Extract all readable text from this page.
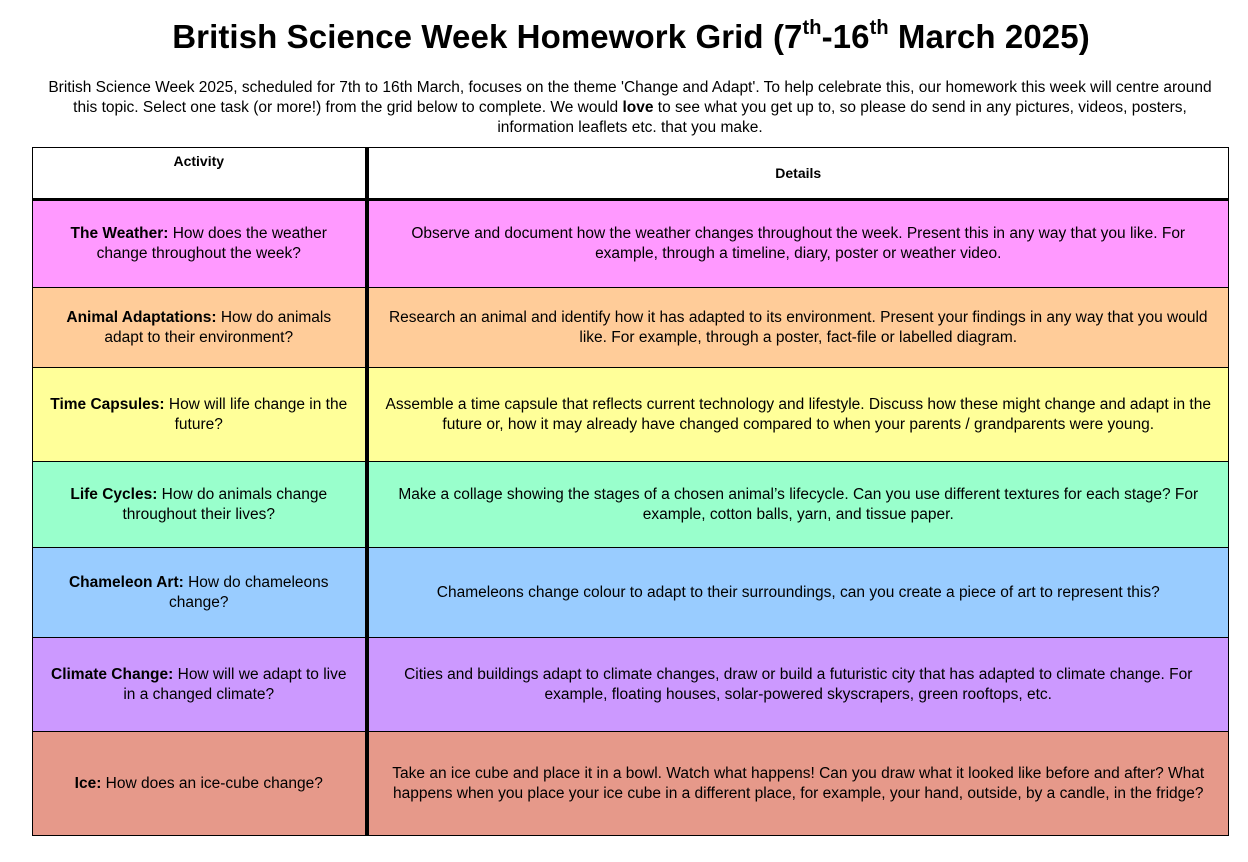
British Science Week Homework Grid (7th-16th March 2025)
British Science Week 2025, scheduled for 7th to 16th March, focuses on the theme 'Change and Adapt'. To help celebrate this, our homework this week will centre around this topic. Select one task (or more!) from the grid below to complete. We would love to see what you get up to, so please do send in any pictures, videos, posters, information leaflets etc. that you make.
Activity	Details
The Weather: How does the weather change throughout the week?	Observe and document how the weather changes throughout the week. Present this in any way that you like. For example, through a timeline, diary, poster or weather video.
Animal Adaptations: How do animals adapt to their environment?	Research an animal and identify how it has adapted to its environment. Present your findings in any way that you would like. For example, through a poster, fact-file or labelled diagram.
Time Capsules: How will life change in the future?	Assemble a time capsule that reflects current technology and lifestyle. Discuss how these might change and adapt in the future or, how it may already have changed compared to when your parents / grandparents were young.
Life Cycles: How do animals change throughout their lives?	Make a collage showing the stages of a chosen animal’s lifecycle. Can you use different textures for each stage? For example, cotton balls, yarn, and tissue paper.
Chameleon Art: How do chameleons change?	Chameleons change colour to adapt to their surroundings, can you create a piece of art to represent this?
Climate Change: How will we adapt to live in a changed climate?	Cities and buildings adapt to climate changes, draw or build a futuristic city that has adapted to climate change. For example, floating houses, solar-powered skyscrapers, green rooftops, etc.
Ice: How does an ice-cube change?	Take an ice cube and place it in a bowl. Watch what happens! Can you draw what it looked like before and after? What happens when you place your ice cube in a different place, for example, your hand, outside, by a candle, in the fridge?
